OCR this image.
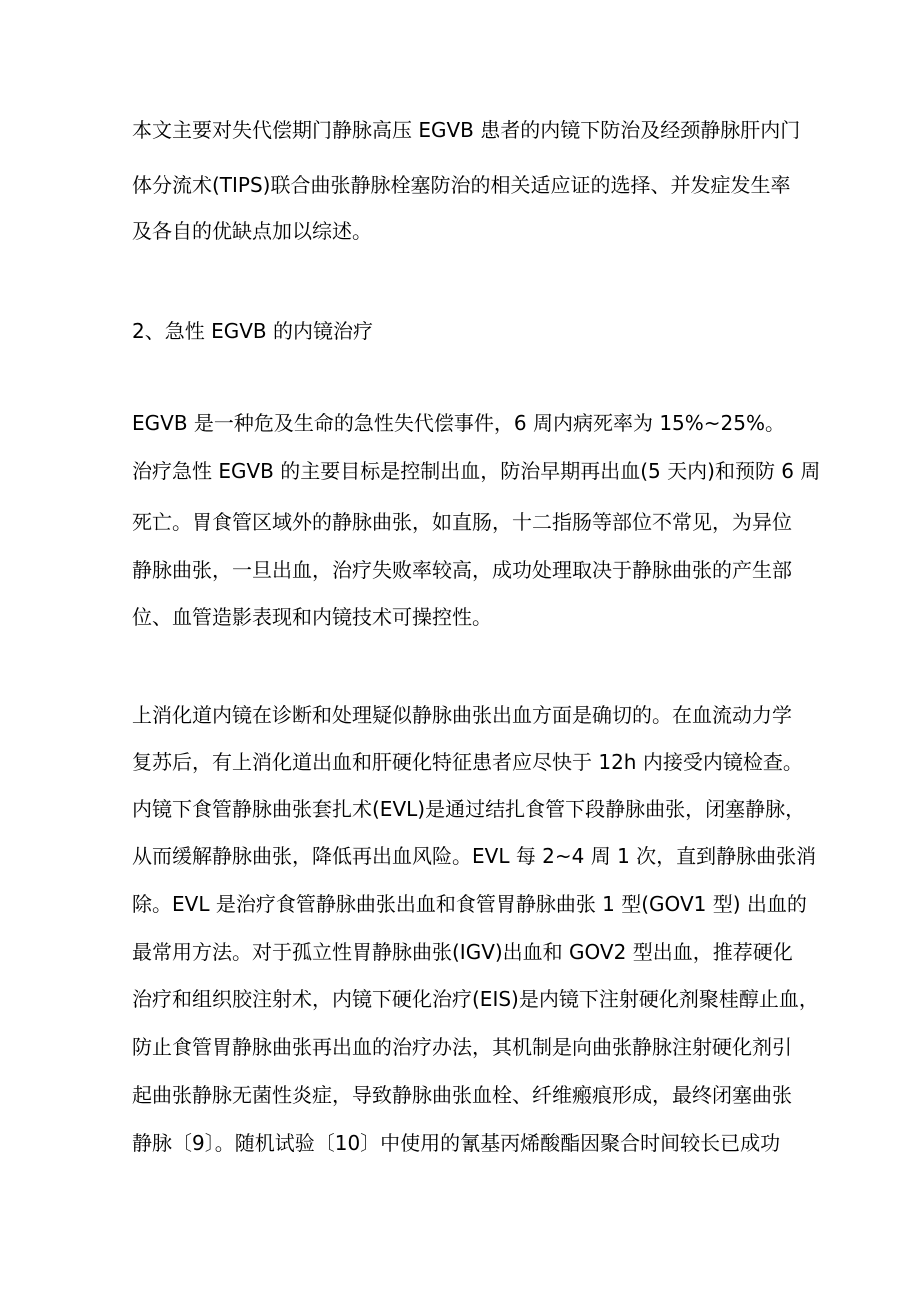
本文主要对失代偿期门静脉高压 EGVB 患者的内镜下防治及经颈静脉肝内门
体分流术(TIPS)联合曲张静脉栓塞防治的相关适应证的选择、并发症发生率
及各自的优缺点加以综述。
2、急性 EGVB 的内镜治疗
EGVB 是一种危及生命的急性失代偿事件，6 周内病死率为 15%~25%。
治疗急性 EGVB 的主要目标是控制出血，防治早期再出血(5 天内)和预防 6 周
死亡。胃食管区域外的静脉曲张，如直肠，十二指肠等部位不常见，为异位
静脉曲张，一旦出血，治疗失败率较高，成功处理取决于静脉曲张的产生部
位、血管造影表现和内镜技术可操控性。
上消化道内镜在诊断和处理疑似静脉曲张出血方面是确切的。在血流动力学
复苏后，有上消化道出血和肝硬化特征患者应尽快于 12h 内接受内镜检查。
内镜下食管静脉曲张套扎术(EVL)是通过结扎食管下段静脉曲张，闭塞静脉，
从而缓解静脉曲张，降低再出血风险。EVL 每 2~4 周 1 次，直到静脉曲张消
除。EVL 是治疗食管静脉曲张出血和食管胃静脉曲张 1 型(GOV1 型) 出血的
最常用方法。对于孤立性胃静脉曲张(IGV)出血和 GOV2 型出血，推荐硬化
治疗和组织胶注射术，内镜下硬化治疗(EIS)是内镜下注射硬化剂聚桂醇止血，
防止食管胃静脉曲张再出血的治疗办法，其机制是向曲张静脉注射硬化剂引
起曲张静脉无菌性炎症，导致静脉曲张血栓、纤维瘢痕形成，最终闭塞曲张
静脉〔9〕。随机试验〔10〕中使用的氰基丙烯酸酯因聚合时间较长已成功
